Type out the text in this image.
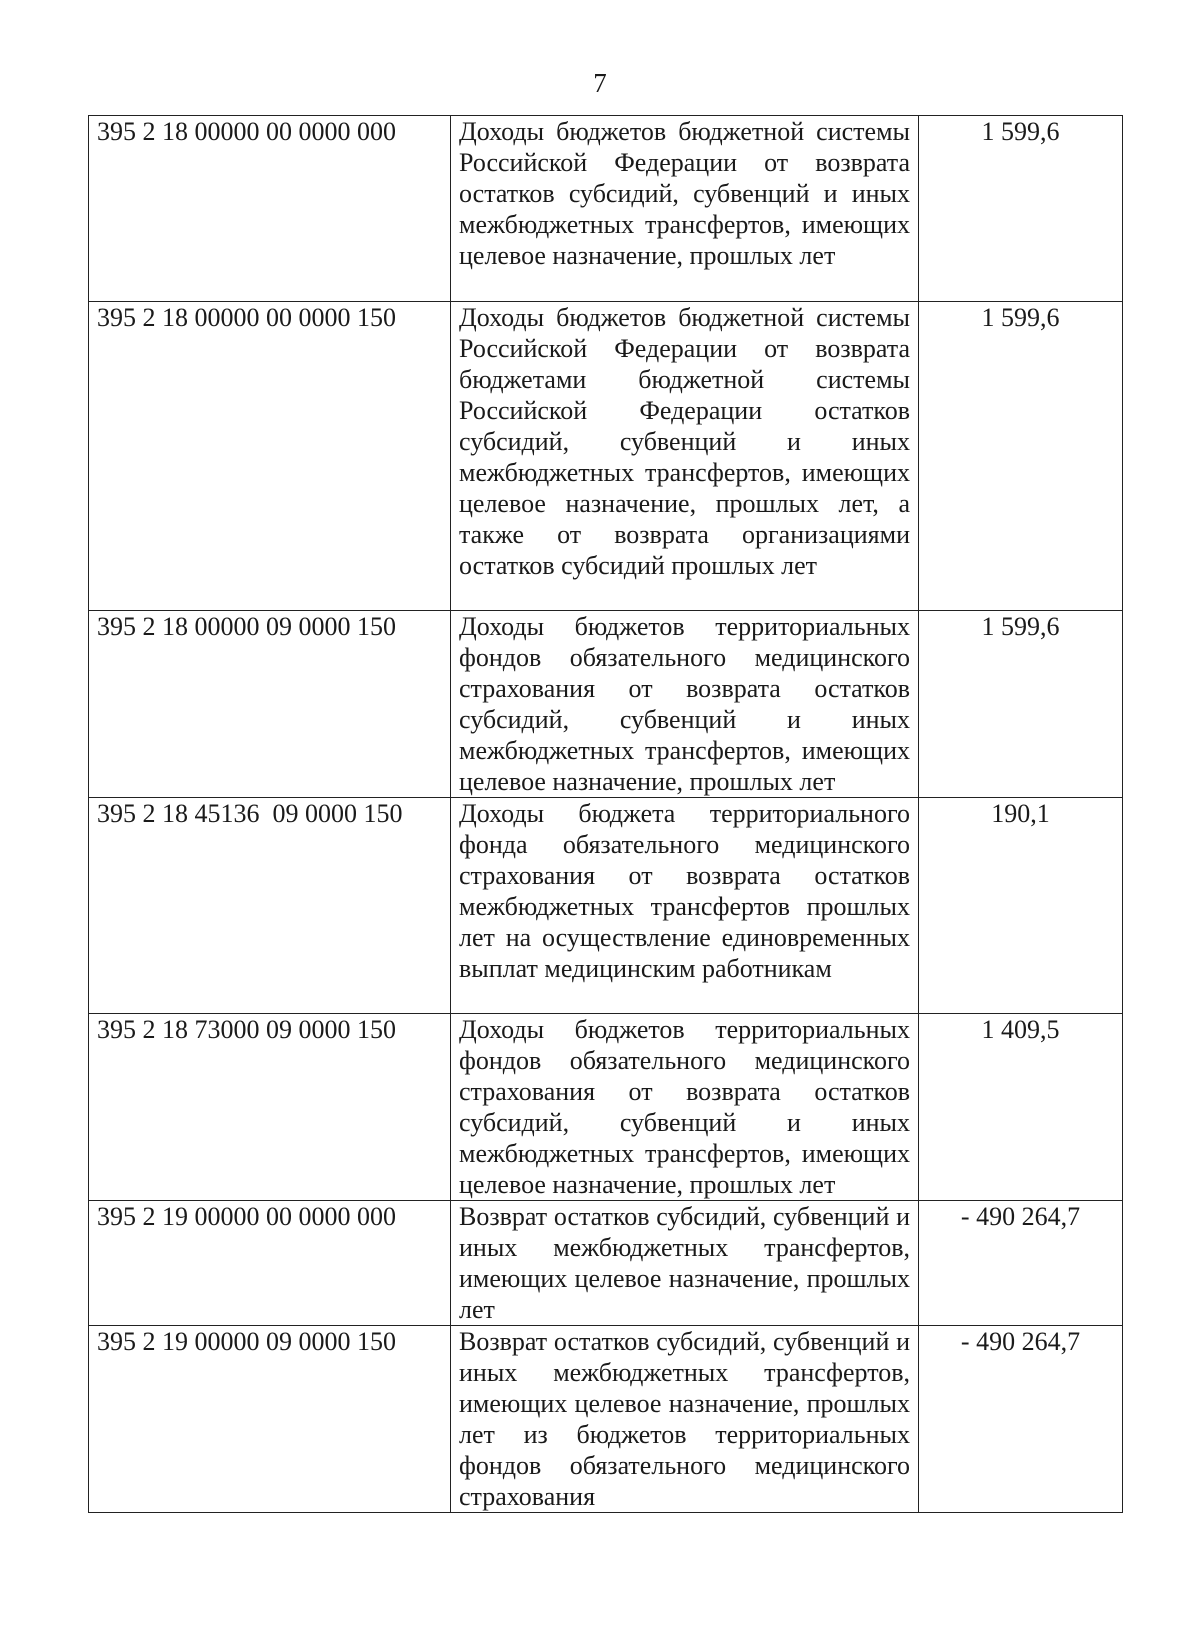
7
395 2 18 00000 00 0000 000	Доходы бюджетов бюджетной системы Российской Федерации от возврата остатков субсидий, субвенций и иных межбюджетных трансфертов, имеющих целевое назначение, прошлых лет	1 599,6
395 2 18 00000 00 0000 150	Доходы бюджетов бюджетной системы Российской Федерации от возврата бюджетами бюджетной системы Российской Федерации остатков субсидий, субвенций и иных межбюджетных трансфертов, имеющих целевое назначение, прошлых лет, а также от возврата организациями остатков субсидий прошлых лет	1 599,6
395 2 18 00000 09 0000 150	Доходы бюджетов территориальных фондов обязательного медицинского страхования от возврата остатков субсидий, субвенций и иных межбюджетных трансфертов, имеющих целевое назначение, прошлых лет	1 599,6
395 2 18 45136  09 0000 150	Доходы бюджета территориального фонда обязательного медицинского страхования от возврата остатков межбюджетных трансфертов прошлых лет на осуществление единовременных выплат медицинским работникам	190,1
395 2 18 73000 09 0000 150	Доходы бюджетов территориальных фондов обязательного медицинского страхования от возврата остатков субсидий, субвенций и иных межбюджетных трансфертов, имеющих целевое назначение, прошлых лет	1 409,5
395 2 19 00000 00 0000 000	Возврат остатков субсидий, субвенций и иных межбюджетных трансфертов, имеющих целевое назначение, прошлых лет	- 490 264,7
395 2 19 00000 09 0000 150	Возврат остатков субсидий, субвенций и иных межбюджетных трансфертов, имеющих целевое назначение, прошлых лет из бюджетов территориальных фондов обязательного медицинского страхования	- 490 264,7
